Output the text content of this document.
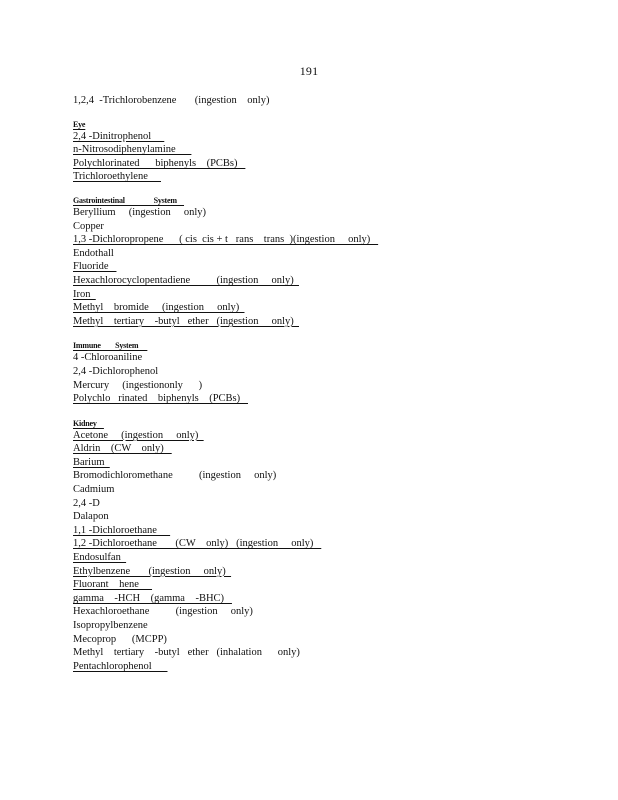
191
1,2,4  -Trichlorobenzene       (ingestion    only)
Eye
2,4 -Dinitrophenol
n-Nitrosodiphenylamine
Polychlorinated      biphenyls    (PCBs)
Trichloroethylene
Gastrointestinal                System
Beryllium     (ingestion     only)
Copper
1,3 -Dichloropropene      ( cis  cis + t   rans    trans  )(ingestion     only)
Endothall
Fluoride
Hexachlorocyclopentadiene          (ingestion     only)
Iron
Methyl    bromide     (ingestion     only)
Methyl    tertiary    -butyl   ether   (ingestion     only)
Immune        System
4 -Chloroaniline
2,4 -Dichlorophenol
Mercury     (ingestiononly      )
Polychlo   rinated    biphenyls    (PCBs)
Kidney
Acetone     (ingestion     only)
Aldrin    (CW    only)
Barium
Bromodichloromethane          (ingestion     only)
Cadmium
2,4 -D
Dalapon
1,1 -Dichloroethane
1,2 -Dichloroethane       (CW    only)   (ingestion     only)
Endosulfan
Ethylbenzene       (ingestion     only)
Fluorant    hene
gamma    -HCH    (gamma    -BHC)
Hexachloroethane          (ingestion     only)
Isopropylbenzene
Mecoprop      (MCPP)
Methyl    tertiary    -butyl   ether   (inhalation      only)
Pentachlorophenol
